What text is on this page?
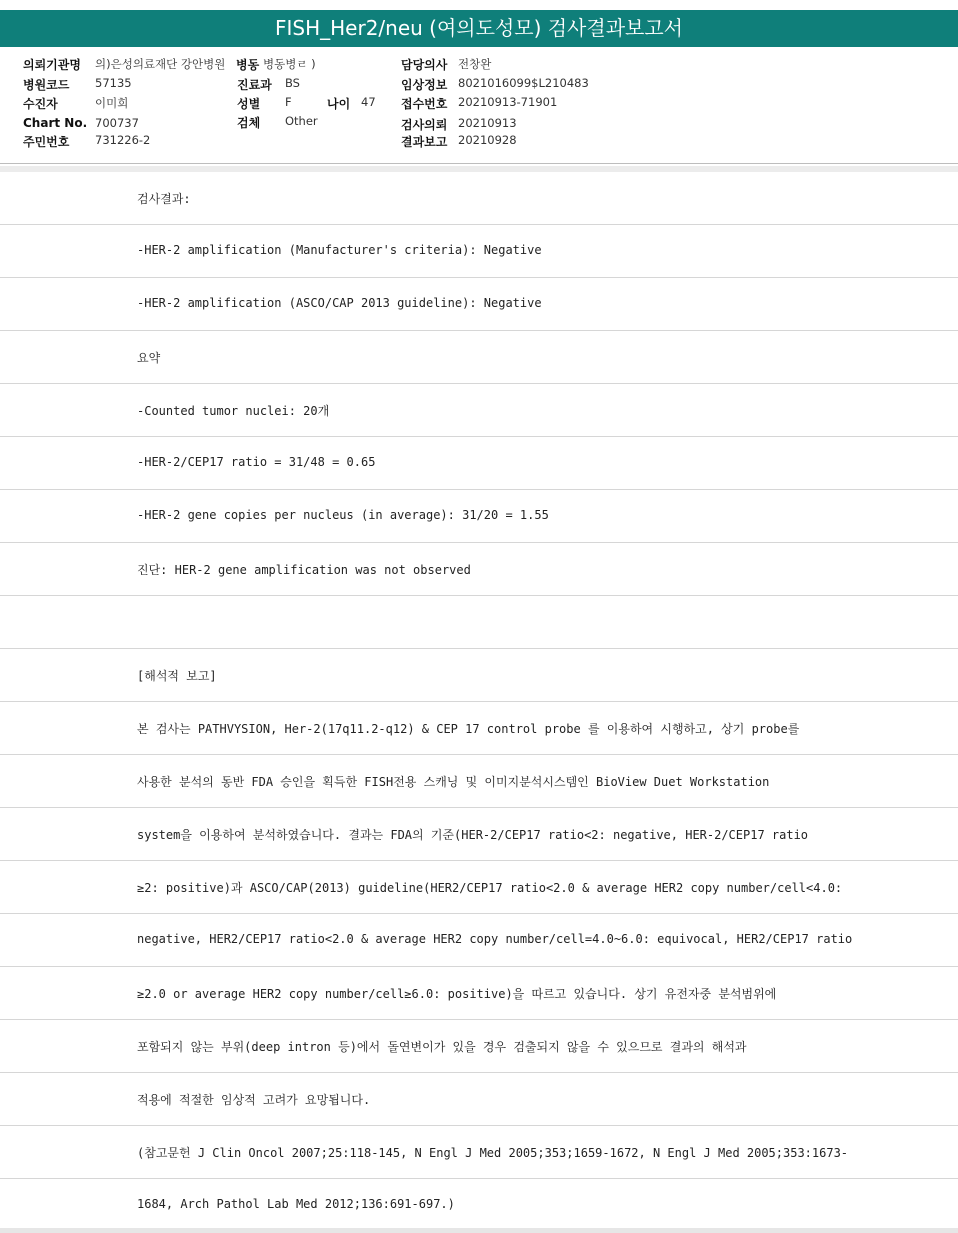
FISH_Her2/neu (여의도성모) 검사결과보고서
의뢰기관명 의)은성의료재단 강안병원 병동 병동병ㄹ )
병원코드 57135	진료과 BS
수진자	이미희	성별 F	나이 47
Chart No. 700737	검체 Other
주민번호 731226-2
담당의사 전창완
임상정보 8021016099$L210483
접수번호 20210913-71901
검사의뢰 20210913
결과보고 20210928
검사결과:
-HER-2 amplification (Manufacturer's criteria): Negative
-HER-2 amplification (ASCO/CAP 2013 guideline): Negative
요약
-Counted tumor nuclei: 20개
-HER-2/CEP17 ratio = 31/48 = 0.65
-HER-2 gene copies per nucleus (in average): 31/20 = 1.55
진단: HER-2 gene amplification was not observed
[해석적 보고]
본 검사는 PATHVYSION, Her-2(17q11.2-q12) & CEP 17 control probe 를 이용하여 시행하고, 상기 probe를
사용한 분석의 동반 FDA 승인을 획득한 FISH전용 스캐닝 및 이미지분석시스템인 BioView Duet Workstation
system을 이용하여 분석하였습니다. 결과는 FDA의 기준(HER-2/CEP17 ratio<2: negative, HER-2/CEP17 ratio
≥2: positive)과 ASCO/CAP(2013) guideline(HER2/CEP17 ratio<2.0 & average HER2 copy number/cell<4.0:
negative, HER2/CEP17 ratio<2.0 & average HER2 copy number/cell=4.0~6.0: equivocal, HER2/CEP17 ratio
≥2.0 or average HER2 copy number/cell≥6.0: positive)을 따르고 있습니다. 상기 유전자중 분석범위에
포함되지 않는 부위(deep intron 등)에서 돌연변이가 있을 경우 검출되지 않을 수 있으므로 결과의 해석과
적용에 적절한 임상적 고려가 요망됩니다.
(참고문헌 J Clin Oncol 2007;25:118-145, N Engl J Med 2005;353;1659-1672, N Engl J Med 2005;353:1673-
1684, Arch Pathol Lab Med 2012;136:691-697.)
